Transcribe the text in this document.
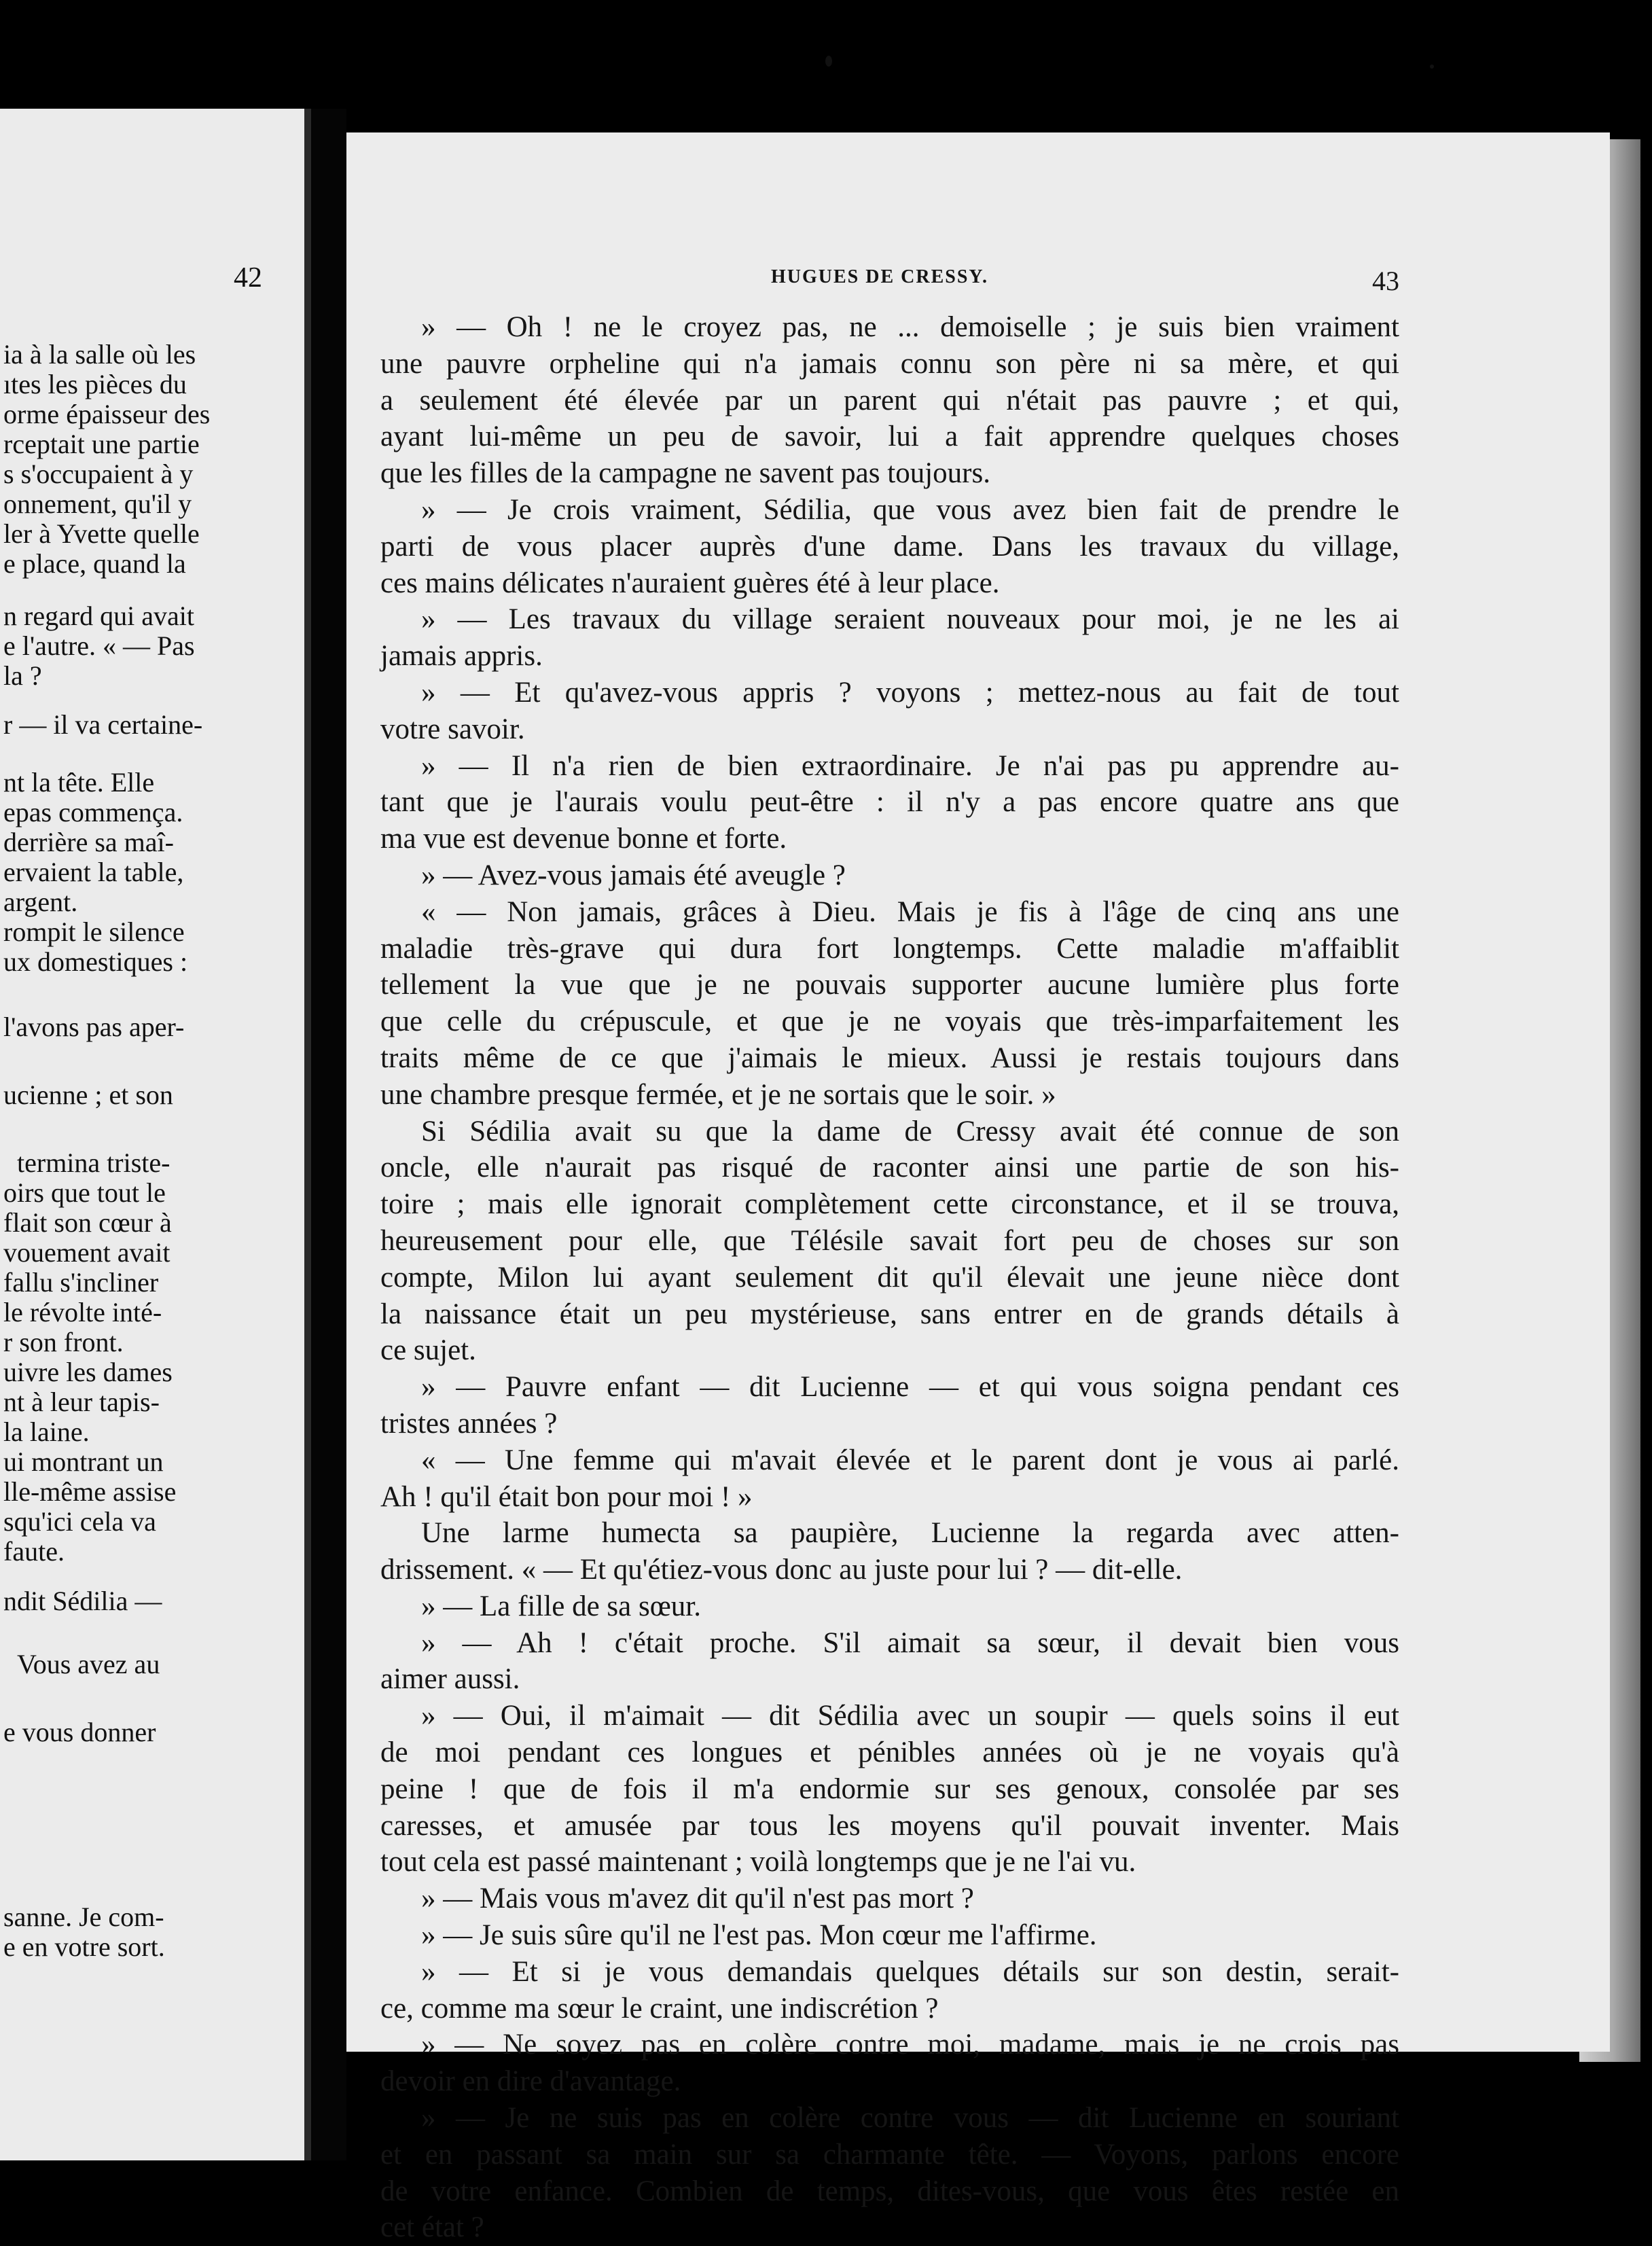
42
ia à la salle où les
ıtes les pièces du
orme épaisseur des
rceptait une partie
s s'occupaient à y
onnement, qu'il y
ler à Yvette quelle
e place, quand la
n regard qui avait
e l'autre. « — Pas
la ?
r — il va certaine-
nt la tête. Elle
epas commença.
derrière sa maî-
ervaient la table,
argent.
rompit le silence
ux domestiques :
l'avons pas aper-
ucienne ; et son
termina triste-
oirs que tout le
flait son cœur à
vouement avait
fallu s'incliner
le révolte inté-
r son front.
uivre les dames
nt à leur tapis-
la laine.
ui montrant un
lle-même assise
squ'ici cela va
faute.
ndit Sédilia —
Vous avez au
e vous donner
sanne. Je com-
e en votre sort.
HUGUES DE CRESSY.	43

» — Oh ! ne le croyez pas, ne ... demoiselle ; je suis bien vraiment

une pauvre orpheline qui n'a jamais connu son père ni sa mère, et qui

a seulement été élevée par un parent qui n'était pas pauvre ; et qui,

ayant lui-même un peu de savoir, lui a fait apprendre quelques choses

que les filles de la campagne ne savent pas toujours.

» — Je crois vraiment, Sédilia, que vous avez bien fait de prendre le

parti de vous placer auprès d'une dame. Dans les travaux du village,

ces mains délicates n'auraient guères été à leur place.

» — Les travaux du village seraient nouveaux pour moi, je ne les ai

jamais appris.

» — Et qu'avez-vous appris ? voyons ; mettez-nous au fait de tout

votre savoir.

» — Il n'a rien de bien extraordinaire. Je n'ai pas pu apprendre au-

tant que je l'aurais voulu peut-être : il n'y a pas encore quatre ans que

ma vue est devenue bonne et forte.

» — Avez-vous jamais été aveugle ?

« — Non jamais, grâces à Dieu. Mais je fis à l'âge de cinq ans une

maladie très-grave qui dura fort longtemps. Cette maladie m'affaiblit

tellement la vue que je ne pouvais supporter aucune lumière plus forte

que celle du crépuscule, et que je ne voyais que très-imparfaitement les

traits même de ce que j'aimais le mieux. Aussi je restais toujours dans

une chambre presque fermée, et je ne sortais que le soir. »

Si Sédilia avait su que la dame de Cressy avait été connue de son

oncle, elle n'aurait pas risqué de raconter ainsi une partie de son his-

toire ; mais elle ignorait complètement cette circonstance, et il se trouva,

heureusement pour elle, que Télésile savait fort peu de choses sur son

compte, Milon lui ayant seulement dit qu'il élevait une jeune nièce dont

la naissance était un peu mystérieuse, sans entrer en de grands détails à

ce sujet.

» — Pauvre enfant — dit Lucienne — et qui vous soigna pendant ces

tristes années ?

« — Une femme qui m'avait élevée et le parent dont je vous ai parlé.

Ah ! qu'il était bon pour moi ! »

Une larme humecta sa paupière, Lucienne la regarda avec atten-

drissement. « — Et qu'étiez-vous donc au juste pour lui ? — dit-elle.

» — La fille de sa sœur.

» — Ah ! c'était proche. S'il aimait sa sœur, il devait bien vous

aimer aussi.

» — Oui, il m'aimait — dit Sédilia avec un soupir — quels soins il eut

de moi pendant ces longues et pénibles années où je ne voyais qu'à

peine ! que de fois il m'a endormie sur ses genoux, consolée par ses

caresses, et amusée par tous les moyens qu'il pouvait inventer. Mais

tout cela est passé maintenant ; voilà longtemps que je ne l'ai vu.

» — Mais vous m'avez dit qu'il n'est pas mort ?

» — Je suis sûre qu'il ne l'est pas. Mon cœur me l'affirme.

» — Et si je vous demandais quelques détails sur son destin, serait-

ce, comme ma sœur le craint, une indiscrétion ?

» — Ne soyez pas en colère contre moi, madame, mais je ne crois pas

devoir en dire d'avantage.

» — Je ne suis pas en colère contre vous — dit Lucienne en souriant

et en passant sa main sur sa charmante tête. — Voyons, parlons encore

de votre enfance. Combien de temps, dites-vous, que vous êtes restée en

cet état ?
